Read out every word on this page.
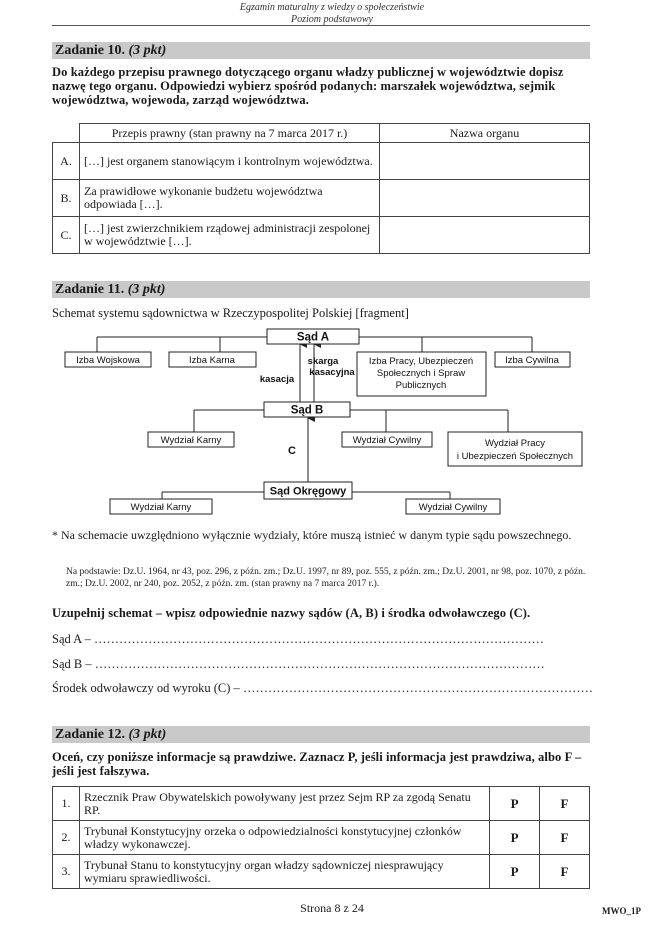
Egzamin maturalny z wiedzy o społeczeństwie
Poziom podstawowy
Zadanie 10. (3 pkt)
Do każdego przepisu prawnego dotyczącego organu władzy publicznej w województwie dopisz nazwę tego organu. Odpowiedzi wybierz spośród podanych: marszałek województwa, sejmik województwa, wojewoda, zarząd województwa.
	Przepis prawny (stan prawny na 7 marca 2017 r.)	Nazwa organu
A.	[…] jest organem stanowiącym i kontrolnym województwa.	
B.	Za prawidłowe wykonanie budżetu województwa odpowiada […].	
C.	[…] jest zwierzchnikiem rządowej administracji zespolonej w województwie […].	
Zadanie 11. (3 pkt)
Schemat systemu sądownictwa w Rzeczypospolitej Polskiej [fragment]
Sąd A
Izba Wojskowa	Izba Karna	skarga
kasacyjna
kasacja
Izba Pracy, Ubezpieczeń
Społecznych i Spraw
Publicznych
Izba Cywilna
Sąd B
Wydział Karny
C
Wydział Cywilny	Wydział Pracy
i Ubezpieczeń Społecznych
Sąd Okręgowy
Wydział Karny	Wydział Cywilny
* Na schemacie uwzględniono wyłącznie wydziały, które muszą istnieć w danym typie sądu powszechnego.
Na podstawie: Dz.U. 1964, nr 43, poz. 296, z późn. zm.; Dz.U. 1997, nr 89, poz. 555, z późn. zm.; Dz.U. 2001, nr 98, poz. 1070, z późn. zm.; Dz.U. 2002, nr 240, poz. 2052, z późn. zm. (stan prawny na 7 marca 2017 r.).
Uzupełnij schemat – wpisz odpowiednie nazwy sądów (A, B) i środka odwoławczego (C).
Sąd A – ………………………………………………………………………………………………
Sąd B – ………………………………………………………………………………………………
Środek odwoławczy od wyroku (C) – …………………………………………………………………………
Zadanie 12. (3 pkt)
Oceń, czy poniższe informacje są prawdziwe. Zaznacz P, jeśli informacja jest prawdziwa, albo F – jeśli jest fałszywa.
1.	Rzecznik Praw Obywatelskich powoływany jest przez Sejm RP za zgodą Senatu RP.	P	F
2.	Trybunał Konstytucyjny orzeka o odpowiedzialności konstytucyjnej członków władzy wykonawczej.	P	F
3.	Trybunał Stanu to konstytucyjny organ władzy sądowniczej niesprawujący wymiaru sprawiedliwości.	P	F
Strona 8 z 24	MWO_1P
